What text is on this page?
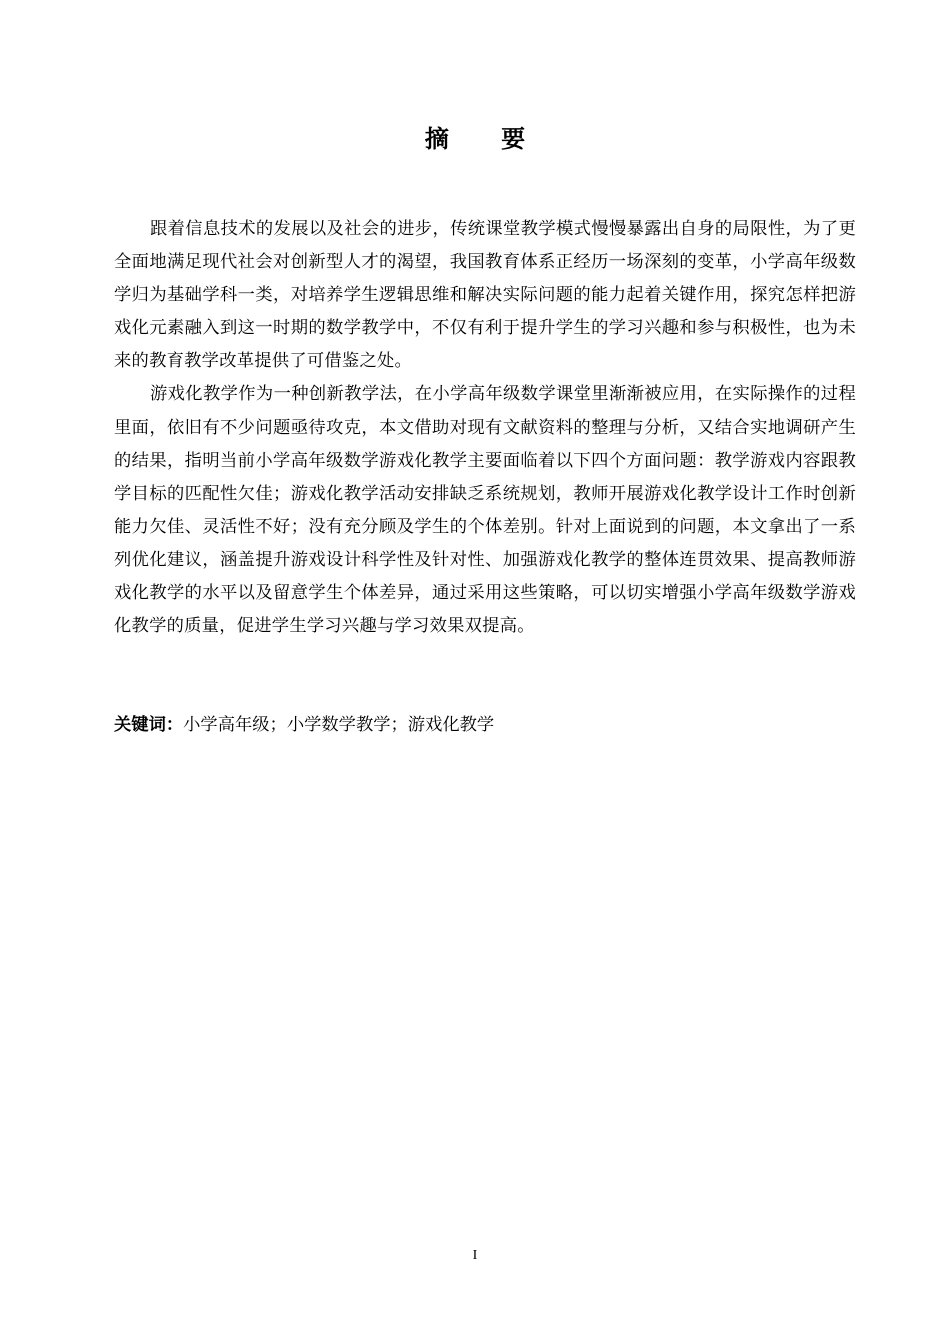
摘 要

跟着信息技术的发展以及社会的进步，传统课堂教学模式慢慢暴露出自身的局限性，为了更全面地满足现代社会对创新型人才的渴望，我国教育体系正经历一场深刻的变革，小学高年级数学归为基础学科一类，对培养学生逻辑思维和解决实际问题的能力起着关键作用，探究怎样把游戏化元素融入到这一时期的数学教学中，不仅有利于提升学生的学习兴趣和参与积极性，也为未来的教育教学改革提供了可借鉴之处。

游戏化教学作为一种创新教学法，在小学高年级数学课堂里渐渐被应用，在实际操作的过程里面，依旧有不少问题亟待攻克，本文借助对现有文献资料的整理与分析，又结合实地调研产生的结果，指明当前小学高年级数学游戏化教学主要面临着以下四个方面问题：教学游戏内容跟教学目标的匹配性欠佳；游戏化教学活动安排缺乏系统规划，教师开展游戏化教学设计工作时创新能力欠佳、灵活性不好；没有充分顾及学生的个体差别。针对上面说到的问题，本文拿出了一系列优化建议，涵盖提升游戏设计科学性及针对性、加强游戏化教学的整体连贯效果、提高教师游戏化教学的水平以及留意学生个体差异，通过采用这些策略，可以切实增强小学高年级数学游戏化教学的质量，促进学生学习兴趣与学习效果双提高。

关键词：小学高年级；小学数学教学；游戏化教学
I
